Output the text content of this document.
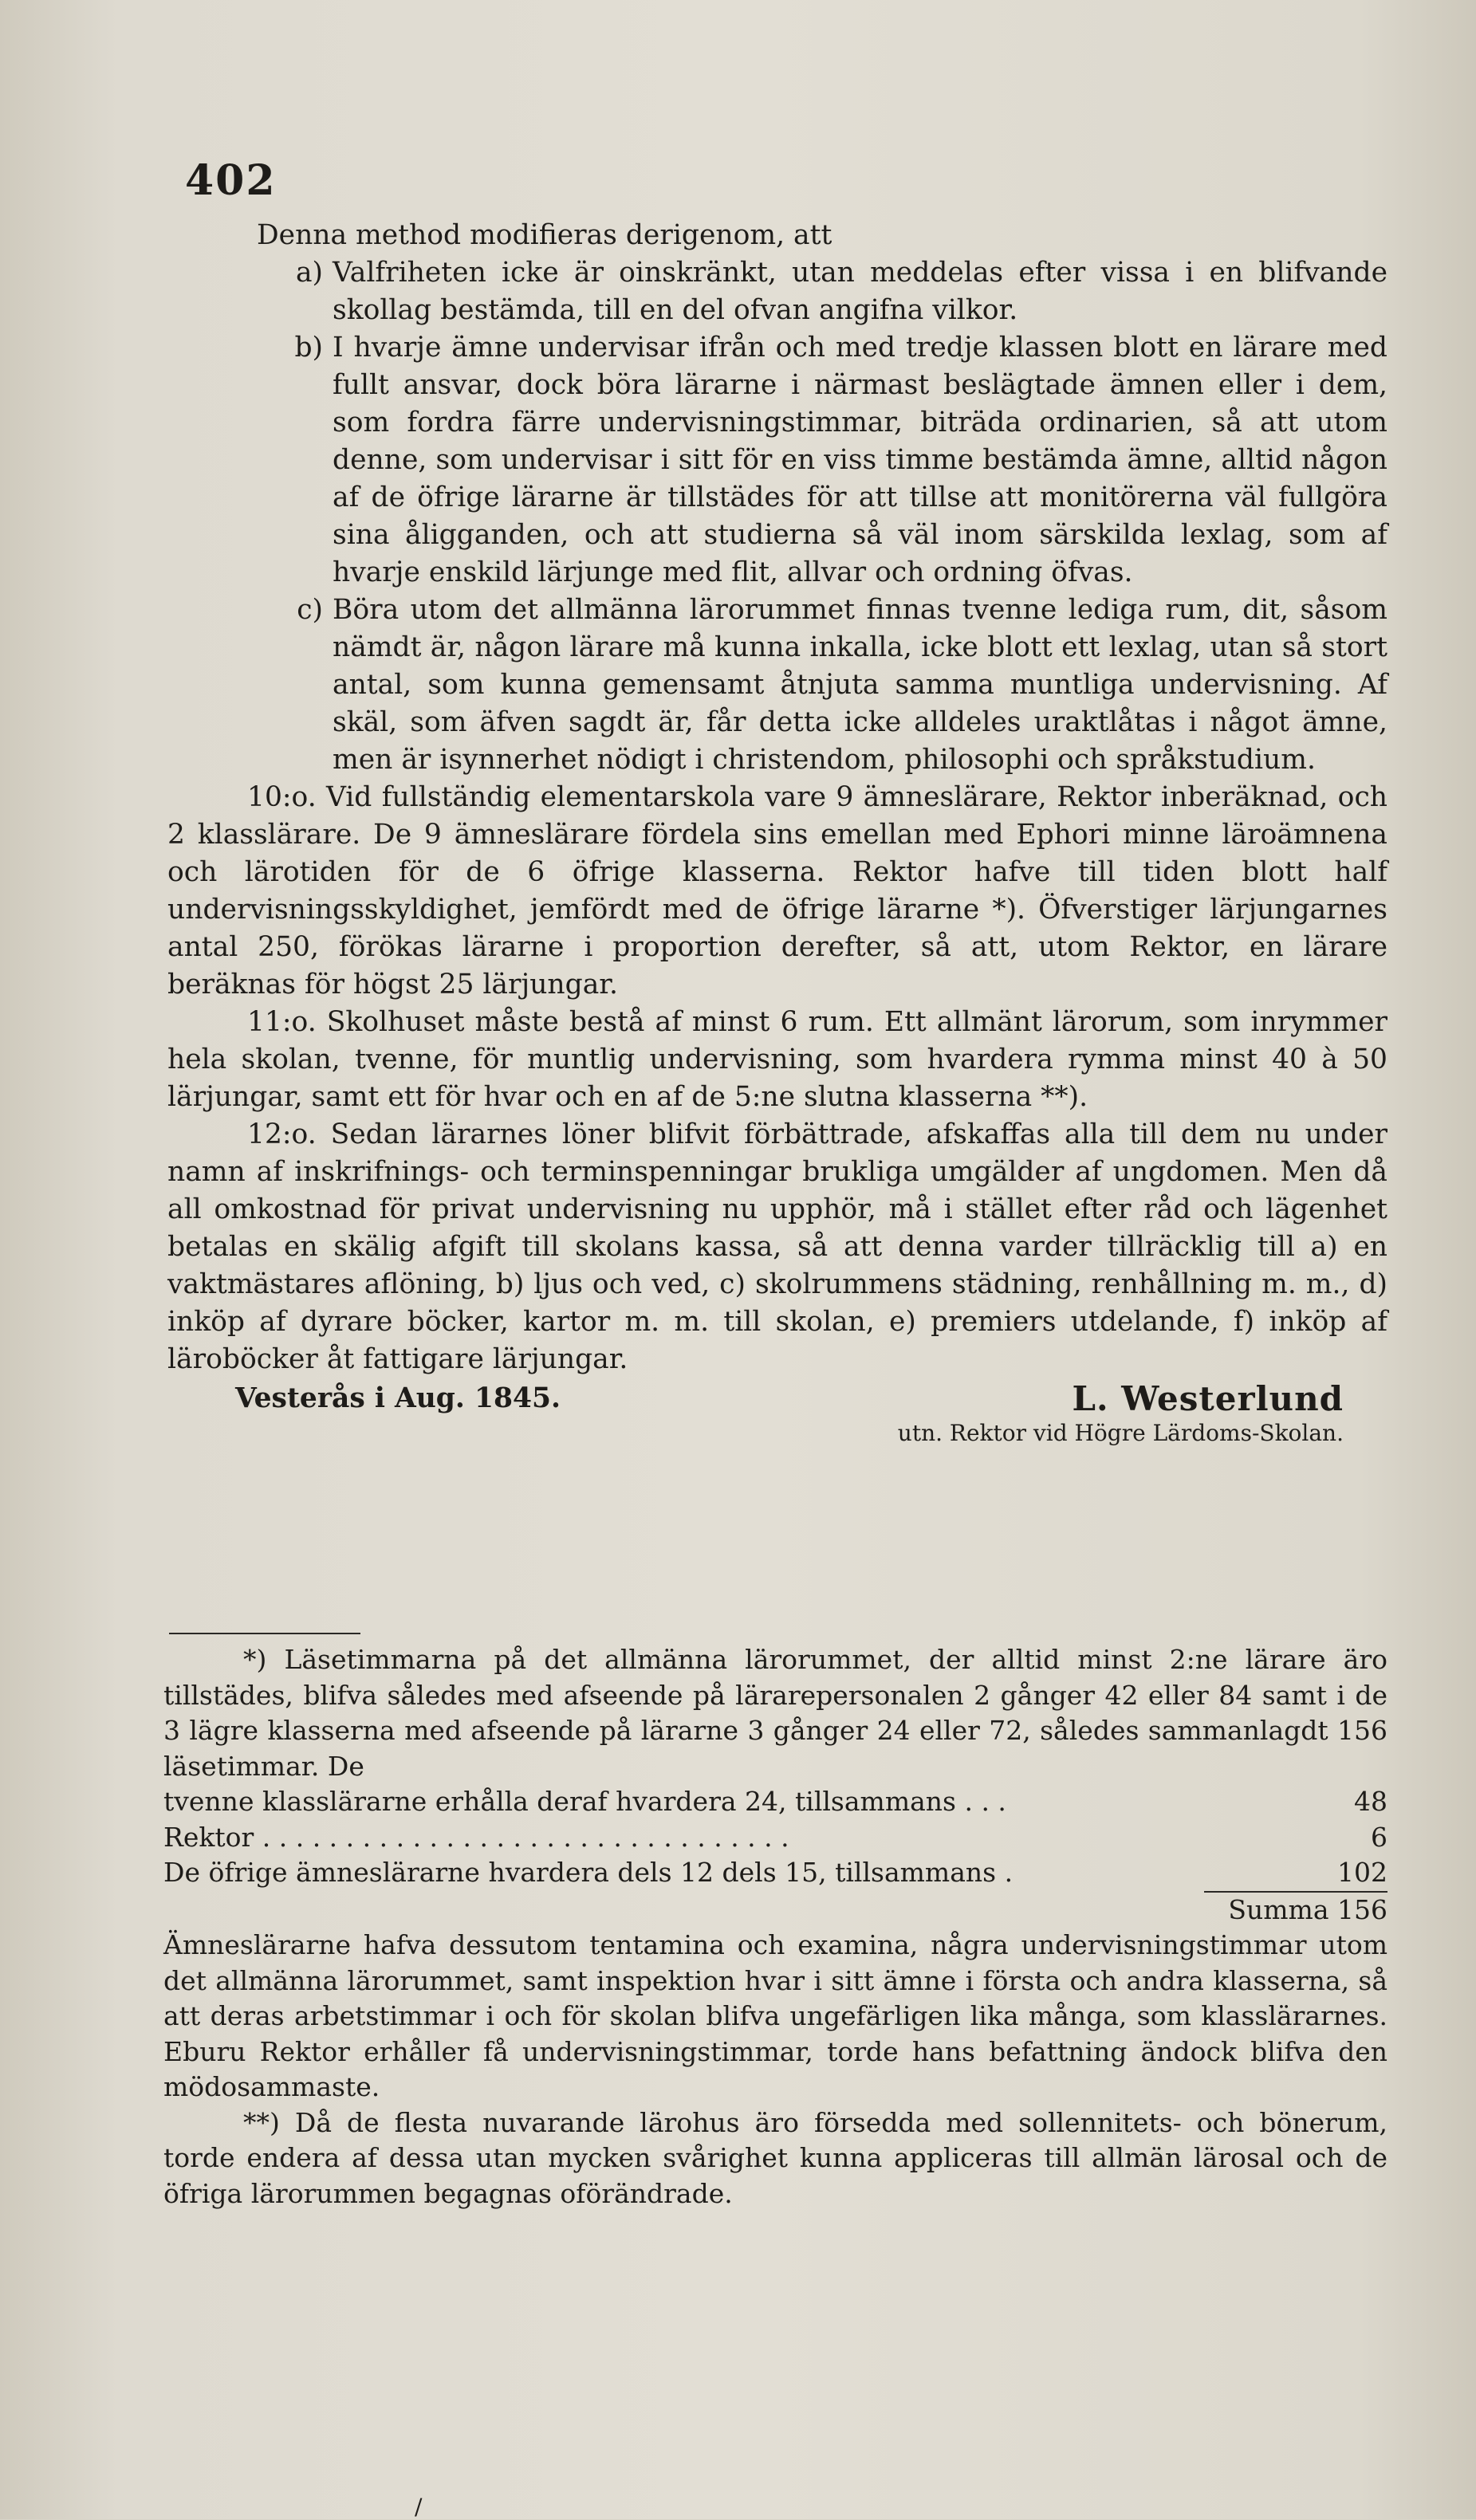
402

Denna method modifieras derigenom, att

a) Valfriheten icke är oinskränkt, utan meddelas efter vissa i en blifvande skollag bestämda, till en del ofvan angifna vilkor.
b) I hvarje ämne undervisar ifrån och med tredje klassen blott en lärare med fullt ansvar, dock böra lärarne i närmast beslägtade ämnen eller i dem, som fordra färre undervisningstimmar, biträda ordinarien, så att utom denne, som undervisar i sitt för en viss timme bestämda ämne, alltid någon af de öfrige lärarne är tillstädes för att tillse att monitörerna väl fullgöra sina åligganden, och att studierna så väl inom särskilda lexlag, som af hvarje enskild lärjunge med flit, allvar och ordning öfvas.
c) Böra utom det allmänna lärorummet finnas tvenne lediga rum, dit, såsom nämdt är, någon lärare må kunna inkalla, icke blott ett lexlag, utan så stort antal, som kunna gemensamt åtnjuta samma muntliga undervisning. Af skäl, som äfven sagdt är, får detta icke alldeles uraktlåtas i något ämne, men är isynnerhet nödigt i christendom, philosophi och språkstudium.

10:o. Vid fullständig elementarskola vare 9 ämneslärare, Rektor inberäknad, och 2 klasslärare. De 9 ämneslärare fördela sins emellan med Ephori minne läroämnena och lärotiden för de 6 öfrige klasserna. Rektor hafve till tiden blott half undervisningsskyldighet, jemfördt med de öfrige lärarne *). Öfverstiger lärjungarnes antal 250, förökas lärarne i proportion derefter, så att, utom Rektor, en lärare beräknas för högst 25 lärjungar.

11:o. Skolhuset måste bestå af minst 6 rum. Ett allmänt lärorum, som inrymmer hela skolan, tvenne, för muntlig undervisning, som hvardera rymma minst 40 à 50 lärjungar, samt ett för hvar och en af de 5:ne slutna klasserna **).

12:o. Sedan lärarnes löner blifvit förbättrade, afskaffas alla till dem nu under namn af inskrifnings- och terminspenningar brukliga umgälder af ungdomen. Men då all omkostnad för privat undervisning nu upphör, må i stället efter råd och lägenhet betalas en skälig afgift till skolans kassa, så att denna varder tillräcklig till a) en vaktmästares aflöning, b) ljus och ved, c) skolrummens städning, renhållning m. m., d) inköp af dyrare böcker, kartor m. m. till skolan, e) premiers utdelande, f) inköp af läroböcker åt fattigare lärjungar.

Vesterås i Aug. 1845.	L. Westerlund
utn. Rektor vid Högre Lärdoms-Skolan.

*) Läsetimmarna på det allmänna lärorummet, der alltid minst 2:ne lärare äro tillstädes, blifva således med afseende på lärarepersonalen 2 gånger 42 eller 84 samt i de 3 lägre klasserna med afseende på lärarne 3 gånger 24 eller 72, således sammanlagdt 156 läsetimmar. De

tvenne klasslärarne erhålla deraf hvardera 24, tillsammans . . .	48
Rektor . . . . . . . . . . . . . . . . . . . . . . . . . . . . . . . .	6
De öfrige ämneslärarne hvardera dels 12 dels 15, tillsammans .	102
Summa 156

Ämneslärarne hafva dessutom tentamina och examina, några undervisningstimmar utom det allmänna lärorummet, samt inspektion hvar i sitt ämne i första och andra klasserna, så att deras arbetstimmar i och för skolan blifva ungefärligen lika många, som klasslärarnes. Eburu Rektor erhåller få undervisningstimmar, torde hans befattning ändock blifva den mödosammaste.

**) Då de flesta nuvarande lärohus äro försedda med sollennitets- och bönerum, torde endera af dessa utan mycken svårighet kunna appliceras till allmän lärosal och de öfriga lärorummen begagnas oförändrade.

/
